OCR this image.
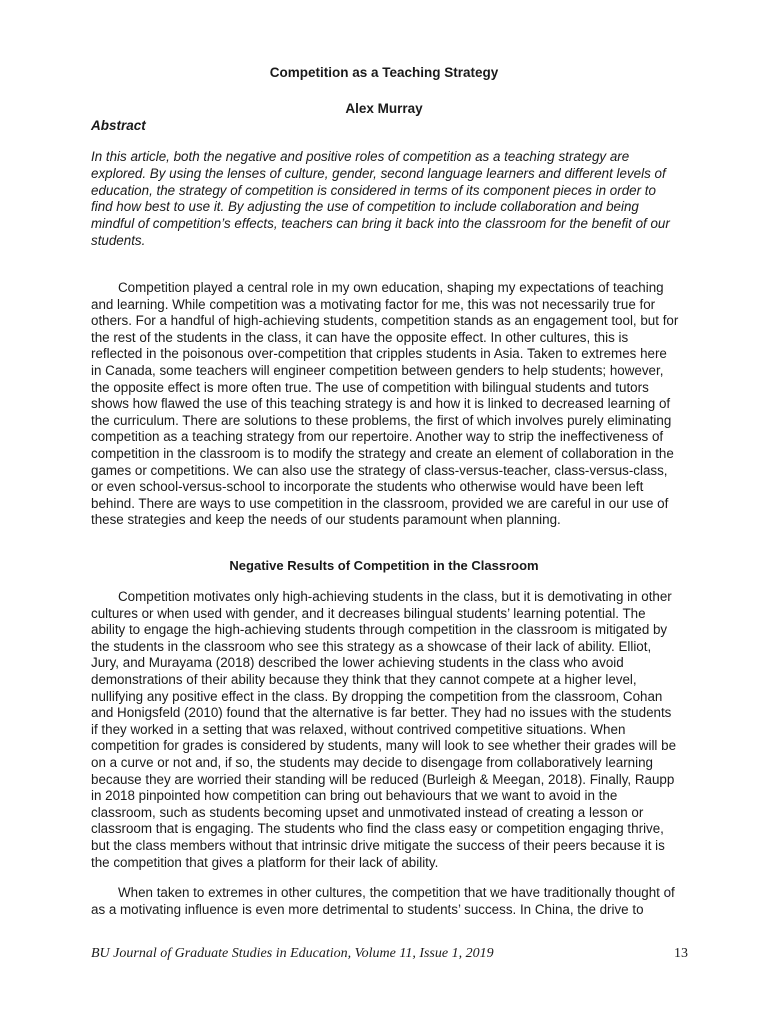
Competition as a Teaching Strategy
Alex Murray
Abstract

In this article, both the negative and positive roles of competition as a teaching strategy are explored. By using the lenses of culture, gender, second language learners and different levels of education, the strategy of competition is considered in terms of its component pieces in order to find how best to use it. By adjusting the use of competition to include collaboration and being mindful of competition’s effects, teachers can bring it back into the classroom for the benefit of our students.

Competition played a central role in my own education, shaping my expectations of teaching and learning. While competition was a motivating factor for me, this was not necessarily true for others. For a handful of high-achieving students, competition stands as an engagement tool, but for the rest of the students in the class, it can have the opposite effect. In other cultures, this is reflected in the poisonous over-competition that cripples students in Asia. Taken to extremes here in Canada, some teachers will engineer competition between genders to help students; however, the opposite effect is more often true. The use of competition with bilingual students and tutors shows how flawed the use of this teaching strategy is and how it is linked to decreased learning of the curriculum. There are solutions to these problems, the first of which involves purely eliminating competition as a teaching strategy from our repertoire. Another way to strip the ineffectiveness of competition in the classroom is to modify the strategy and create an element of collaboration in the games or competitions. We can also use the strategy of class-versus-teacher, class-versus-class, or even school-versus-school to incorporate the students who otherwise would have been left behind. There are ways to use competition in the classroom, provided we are careful in our use of these strategies and keep the needs of our students paramount when planning.

Negative Results of Competition in the Classroom

Competition motivates only high-achieving students in the class, but it is demotivating in other cultures or when used with gender, and it decreases bilingual students’ learning potential. The ability to engage the high-achieving students through competition in the classroom is mitigated by the students in the classroom who see this strategy as a showcase of their lack of ability. Elliot, Jury, and Murayama (2018) described the lower achieving students in the class who avoid demonstrations of their ability because they think that they cannot compete at a higher level, nullifying any positive effect in the class. By dropping the competition from the classroom, Cohan and Honigsfeld (2010) found that the alternative is far better. They had no issues with the students if they worked in a setting that was relaxed, without contrived competitive situations. When competition for grades is considered by students, many will look to see whether their grades will be on a curve or not and, if so, the students may decide to disengage from collaboratively learning because they are worried their standing will be reduced (Burleigh & Meegan, 2018). Finally, Raupp in 2018 pinpointed how competition can bring out behaviours that we want to avoid in the classroom, such as students becoming upset and unmotivated instead of creating a lesson or classroom that is engaging. The students who find the class easy or competition engaging thrive, but the class members without that intrinsic drive mitigate the success of their peers because it is the competition that gives a platform for their lack of ability.

When taken to extremes in other cultures, the competition that we have traditionally thought of as a motivating influence is even more detrimental to students’ success. In China, the drive to

BU Journal of Graduate Studies in Education, Volume 11, Issue 1, 2019	13
